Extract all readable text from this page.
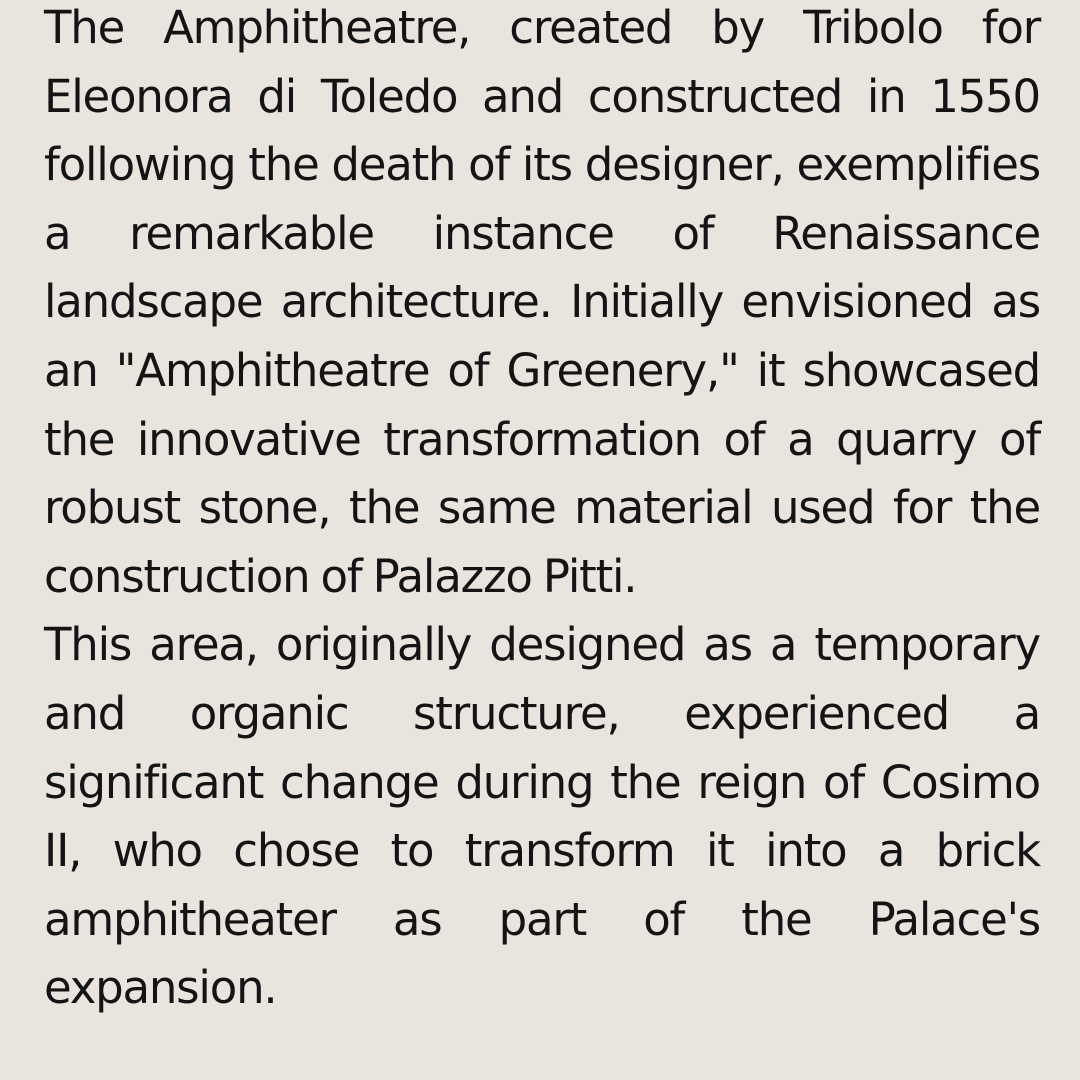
The Amphitheatre, created by Tribolo for Eleonora di Toledo and constructed in 1550 following the death of its designer, exemplifies a remarkable instance of Renaissance landscape architecture. Initially envisioned as an "Amphitheatre of Greenery," it showcased the innovative transformation of a quarry of robust stone, the same material used for the construction of Palazzo Pitti.

This area, originally designed as a temporary and organic structure, experienced a significant change during the reign of Cosimo II, who chose to transform it into a brick amphitheater as part of the Palace's expansion.
